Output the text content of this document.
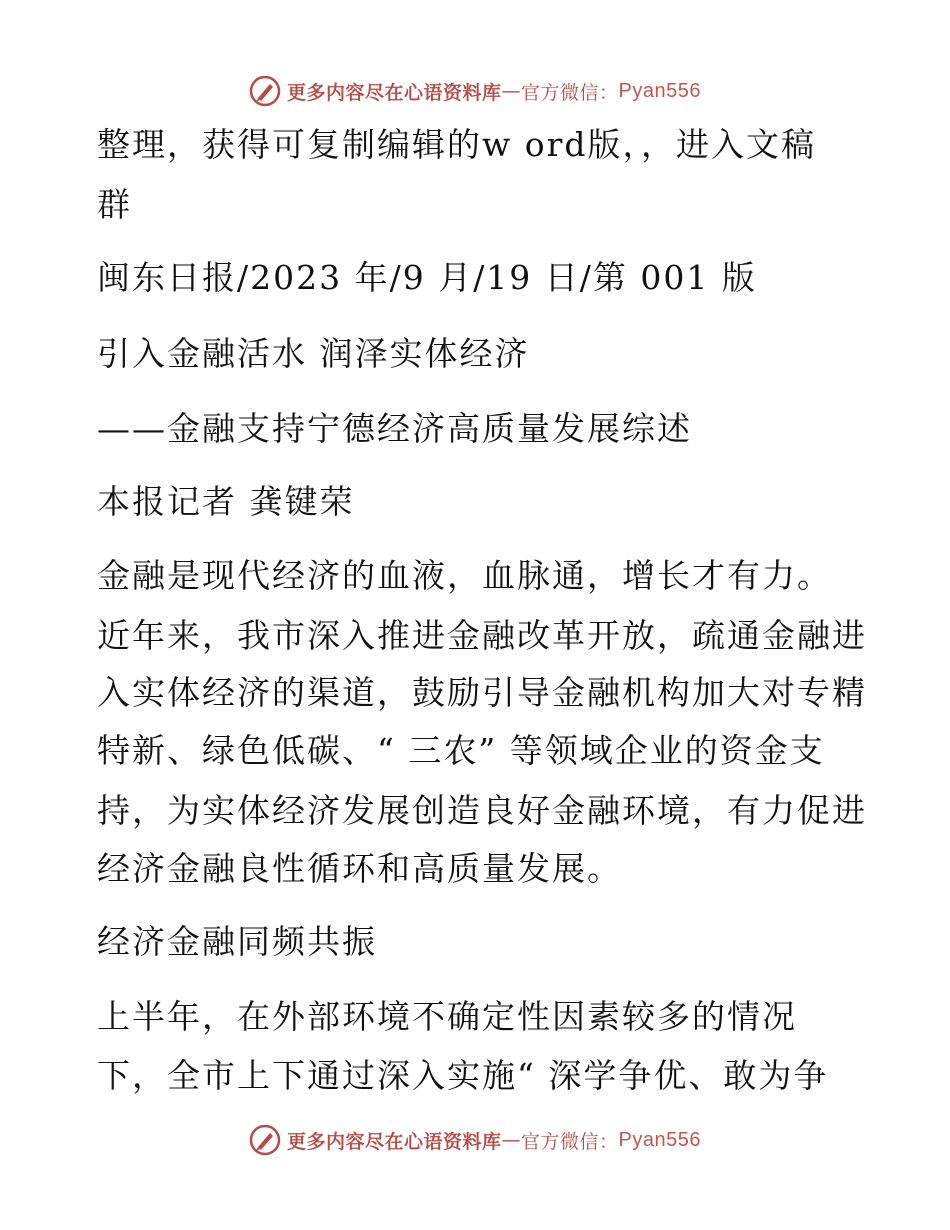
更多内容尽在心语资料库 — 官方微信： Pyan556
整理，获得可复制编辑的w ord版，，进入文稿
群
闽东日报/2023 年/9 月/19 日/第 001 版
引入金融活水 润泽实体经济
——金融支持宁德经济高质量发展综述
本报记者 龚键荣
金融是现代经济的血液，血脉通，增长才有力。
近年来，我市深入推进金融改革开放，疏通金融进
入实体经济的渠道，鼓励引导金融机构加大对专精
特新、绿色低碳、“ 三农” 等领域企业的资金支
持，为实体经济发展创造良好金融环境，有力促进
经济金融良性循环和高质量发展。
经济金融同频共振
上半年，在外部环境不确定性因素较多的情况
下，全市上下通过深入实施“ 深学争优、敢为争
更多内容尽在心语资料库 — 官方微信： Pyan556
